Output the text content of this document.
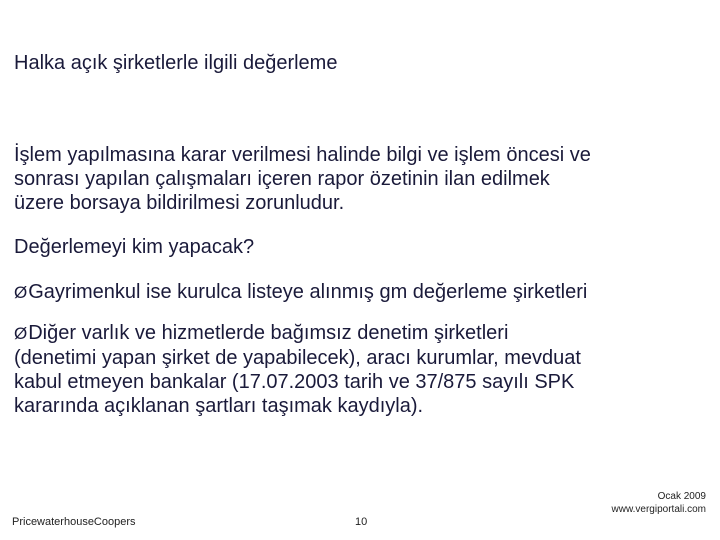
Halka açık şirketlerle ilgili değerleme
İşlem yapılmasına karar verilmesi halinde bilgi ve işlem öncesi ve
sonrası yapılan çalışmaları içeren rapor özetinin ilan edilmek
üzere borsaya bildirilmesi zorunludur.
Değerlemeyi kim yapacak?
ØGayrimenkul ise kurulca listeye alınmış gm değerleme şirketleri
ØDiğer varlık ve hizmetlerde bağımsız denetim şirketleri
(denetimi yapan şirket de yapabilecek), aracı kurumlar, mevduat
kabul etmeyen bankalar (17.07.2003 tarih ve 37/875 sayılı SPK
kararında açıklanan şartları taşımak kaydıyla).
PricewaterhouseCoopers	10
Ocak 2009
www.vergiportali.com
